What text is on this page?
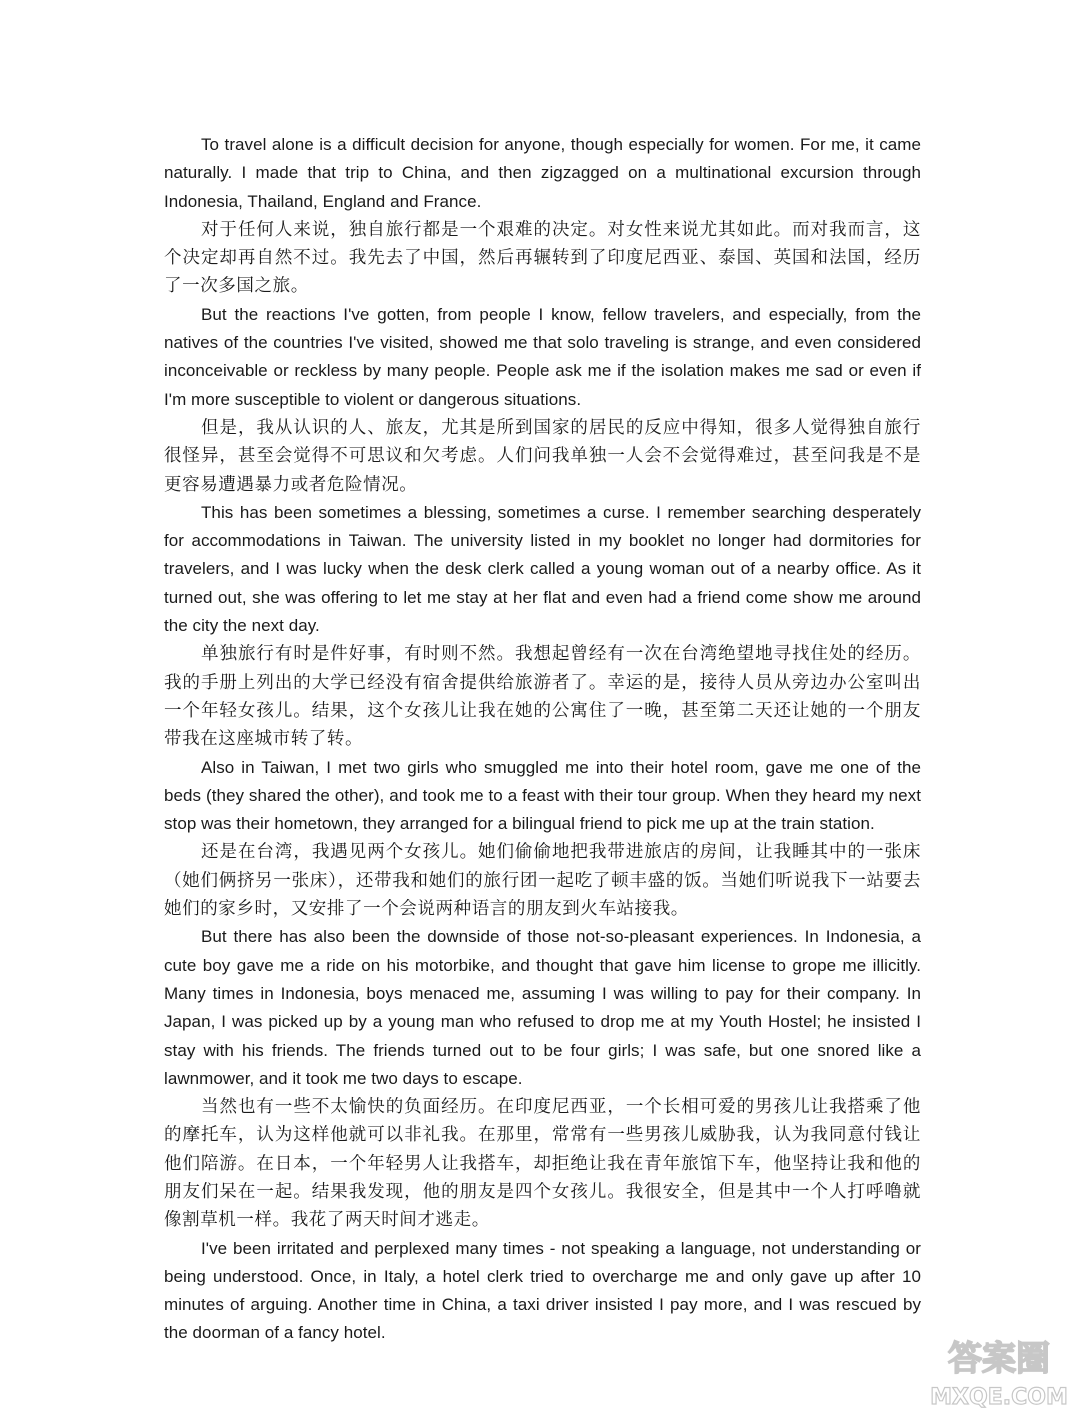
To travel alone is a difficult decision for anyone, though especially for women. For me, it came naturally. I made that trip to China, and then zigzagged on a multinational excursion through Indonesia, Thailand, England and France.

对于任何人来说，独自旅行都是一个艰难的决定。对女性来说尤其如此。而对我而言，这个决定却再自然不过。我先去了中国，然后再辗转到了印度尼西亚、泰国、英国和法国，经历了一次多国之旅。

But the reactions I've gotten, from people I know, fellow travelers, and especially, from the natives of the countries I've visited, showed me that solo traveling is strange, and even considered inconceivable or reckless by many people. People ask me if the isolation makes me sad or even if I'm more susceptible to violent or dangerous situations.

但是，我从认识的人、旅友，尤其是所到国家的居民的反应中得知，很多人觉得独自旅行很怪异，甚至会觉得不可思议和欠考虑。人们问我单独一人会不会觉得难过，甚至问我是不是更容易遭遇暴力或者危险情况。

This has been sometimes a blessing, sometimes a curse. I remember searching desperately for accommodations in Taiwan. The university listed in my booklet no longer had dormitories for travelers, and I was lucky when the desk clerk called a young woman out of a nearby office. As it turned out, she was offering to let me stay at her flat and even had a friend come show me around the city the next day.

单独旅行有时是件好事，有时则不然。我想起曾经有一次在台湾绝望地寻找住处的经历。我的手册上列出的大学已经没有宿舍提供给旅游者了。幸运的是，接待人员从旁边办公室叫出一个年轻女孩儿。结果，这个女孩儿让我在她的公寓住了一晚，甚至第二天还让她的一个朋友带我在这座城市转了转。

Also in Taiwan, I met two girls who smuggled me into their hotel room, gave me one of the beds (they shared the other), and took me to a feast with their tour group. When they heard my next stop was their hometown, they arranged for a bilingual friend to pick me up at the train station.

还是在台湾，我遇见两个女孩儿。她们偷偷地把我带进旅店的房间，让我睡其中的一张床（她们俩挤另一张床），还带我和她们的旅行团一起吃了顿丰盛的饭。当她们听说我下一站要去她们的家乡时，又安排了一个会说两种语言的朋友到火车站接我。

But there has also been the downside of those not-so-pleasant experiences. In Indonesia, a cute boy gave me a ride on his motorbike, and thought that gave him license to grope me illicitly. Many times in Indonesia, boys menaced me, assuming I was willing to pay for their company. In Japan, I was picked up by a young man who refused to drop me at my Youth Hostel; he insisted I stay with his friends. The friends turned out to be four girls; I was safe, but one snored like a lawnmower, and it took me two days to escape.

当然也有一些不太愉快的负面经历。在印度尼西亚，一个长相可爱的男孩儿让我搭乘了他的摩托车，认为这样他就可以非礼我。在那里，常常有一些男孩儿威胁我，认为我同意付钱让他们陪游。在日本，一个年轻男人让我搭车，却拒绝让我在青年旅馆下车，他坚持让我和他的朋友们呆在一起。结果我发现，他的朋友是四个女孩儿。我很安全，但是其中一个人打呼噜就像割草机一样。我花了两天时间才逃走。

I've been irritated and perplexed many times - not speaking a language, not understanding or being understood. Once, in Italy, a hotel clerk tried to overcharge me and only gave up after 10 minutes of arguing. Another time in China, a taxi driver insisted I pay more, and I was rescued by the doorman of a fancy hotel.

答案圈
MXQE.COM
